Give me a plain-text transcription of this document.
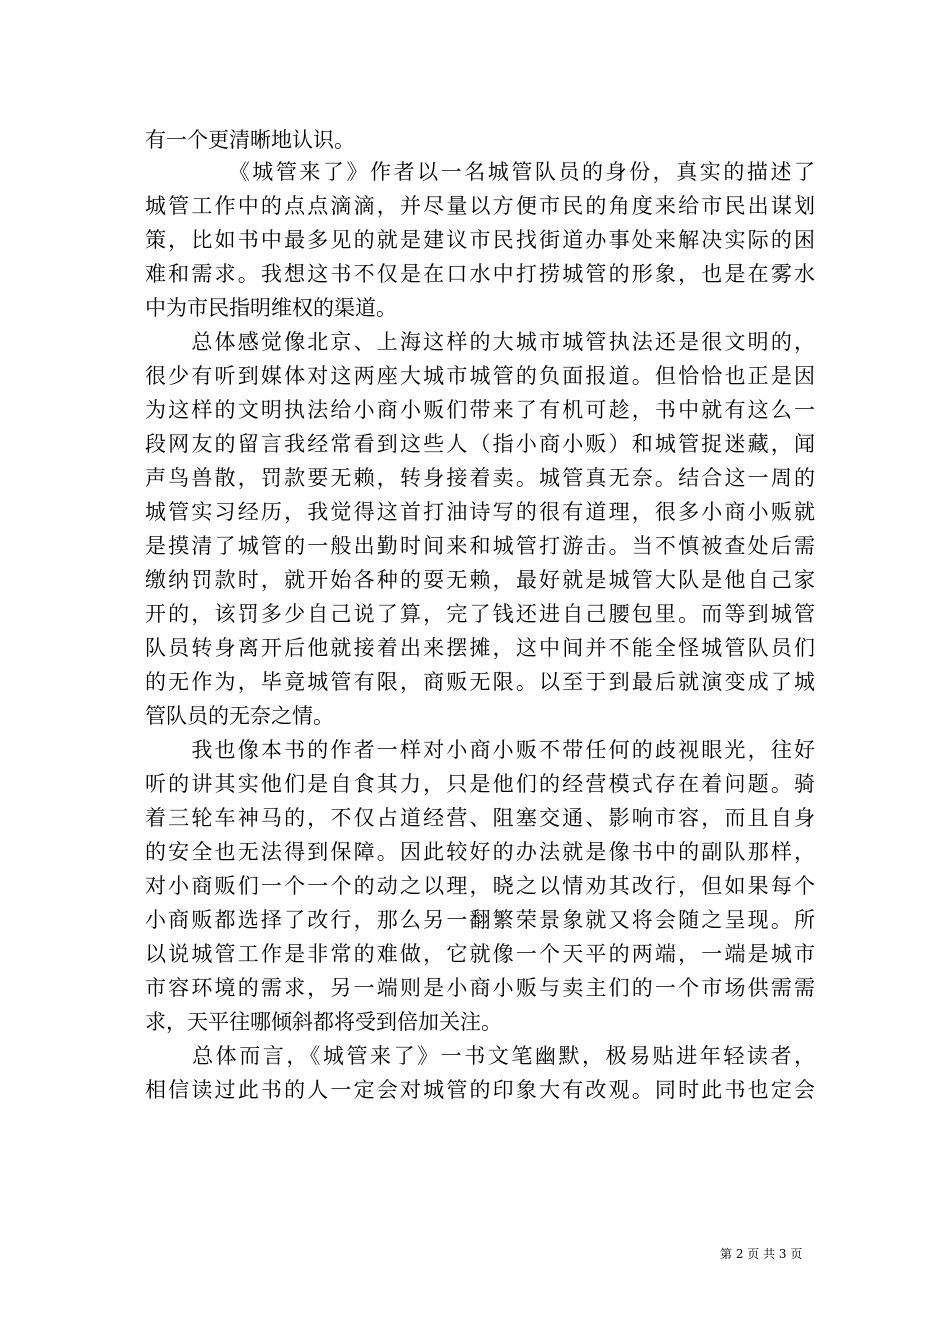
有一个更清晰地认识。
　　　　《城管来了》作者以一名城管队员的身份，真实的描述了
城管工作中的点点滴滴，并尽量以方便市民的角度来给市民出谋划
策，比如书中最多见的就是建议市民找街道办事处来解决实际的困
难和需求。我想这书不仅是在口水中打捞城管的形象，也是在雾水
中为市民指明维权的渠道。
　　总体感觉像北京、上海这样的大城市城管执法还是很文明的，
很少有听到媒体对这两座大城市城管的负面报道。但恰恰也正是因
为这样的文明执法给小商小贩们带来了有机可趁，书中就有这么一
段网友的留言我经常看到这些人（指小商小贩）和城管捉迷藏，闻
声鸟兽散，罚款要无赖，转身接着卖。城管真无奈。结合这一周的
城管实习经历，我觉得这首打油诗写的很有道理，很多小商小贩就
是摸清了城管的一般出勤时间来和城管打游击。当不慎被查处后需
缴纳罚款时，就开始各种的耍无赖，最好就是城管大队是他自己家
开的，该罚多少自己说了算，完了钱还进自己腰包里。而等到城管
队员转身离开后他就接着出来摆摊，这中间并不能全怪城管队员们
的无作为，毕竟城管有限，商贩无限。以至于到最后就演变成了城
管队员的无奈之情。
　　我也像本书的作者一样对小商小贩不带任何的歧视眼光，往好
听的讲其实他们是自食其力，只是他们的经营模式存在着问题。骑
着三轮车神马的，不仅占道经营、阻塞交通、影响市容，而且自身
的安全也无法得到保障。因此较好的办法就是像书中的副队那样，
对小商贩们一个一个的动之以理，晓之以情劝其改行，但如果每个
小商贩都选择了改行，那么另一翻繁荣景象就又将会随之呈现。所
以说城管工作是非常的难做，它就像一个天平的两端，一端是城市
市容环境的需求，另一端则是小商小贩与卖主们的一个市场供需需
求，天平往哪倾斜都将受到倍加关注。
　　总体而言，《城管来了》一书文笔幽默，极易贴进年轻读者，
相信读过此书的人一定会对城管的印象大有改观。同时此书也定会
第 2 页 共 3 页
